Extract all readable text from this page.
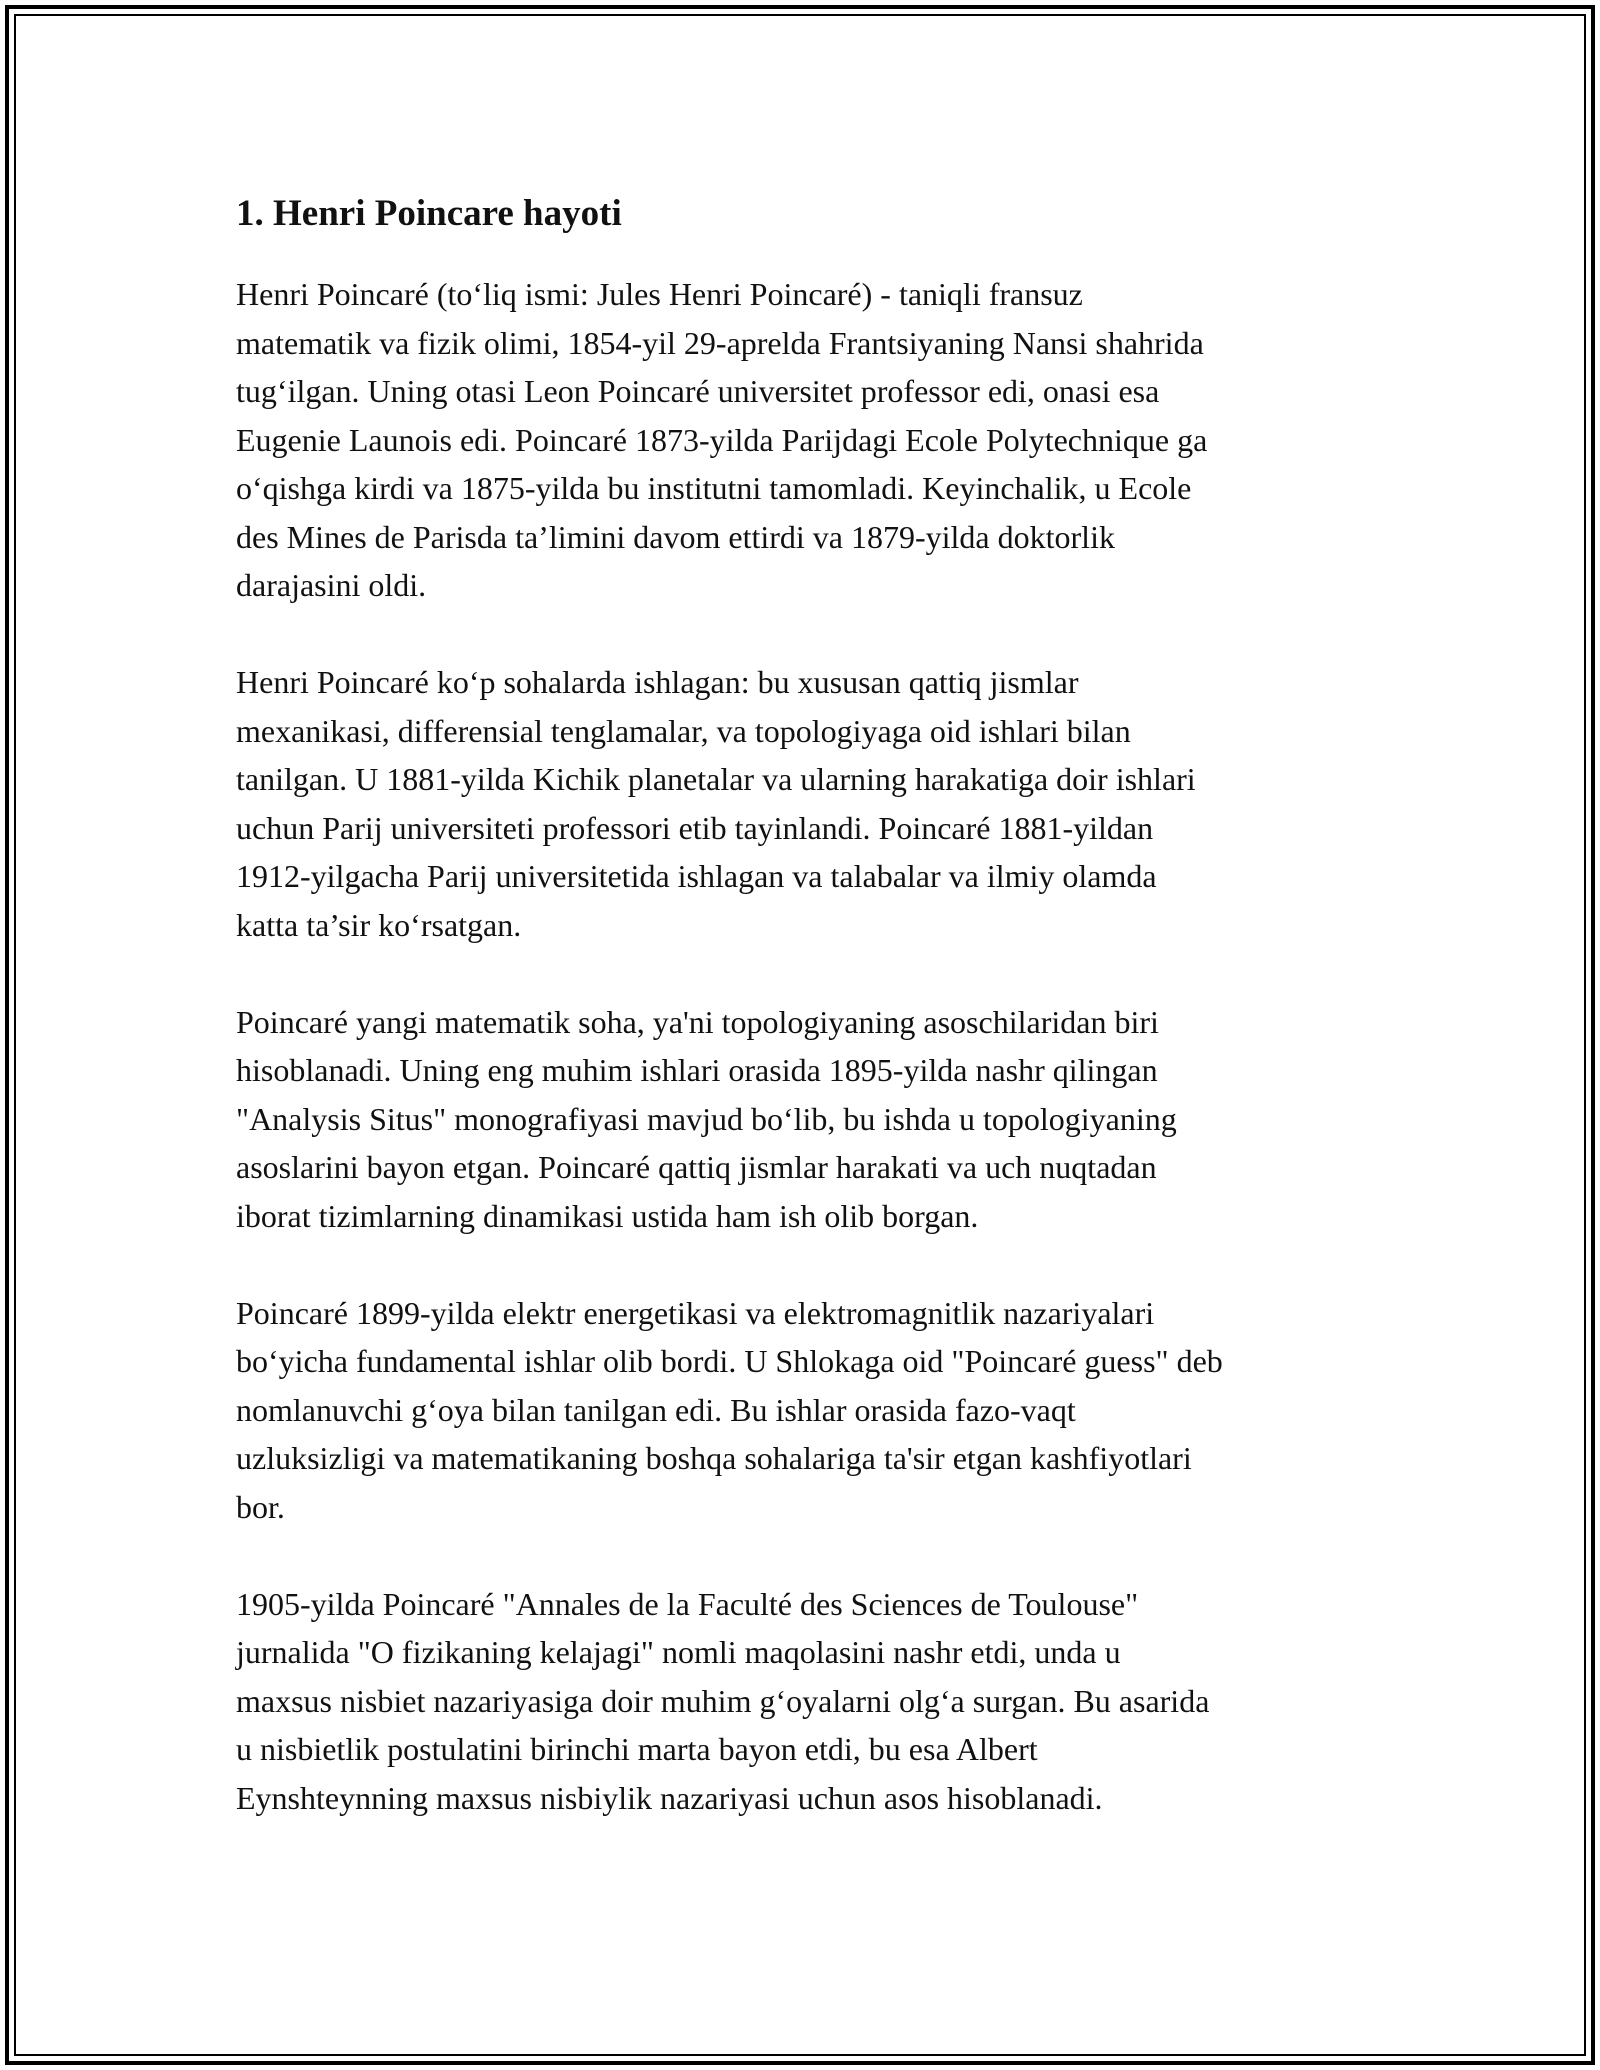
1. Henri Poincare hayoti

Henri Poincaré (to‘liq ismi: Jules Henri Poincaré) - taniqli fransuz
matematik va fizik olimi, 1854-yil 29-aprelda Frantsiyaning Nansi shahrida
tug‘ilgan. Uning otasi Leon Poincaré universitet professor edi, onasi esa
Eugenie Launois edi. Poincaré 1873-yilda Parijdagi Ecole Polytechnique ga
o‘qishga kirdi va 1875-yilda bu institutni tamomladi. Keyinchalik, u Ecole
des Mines de Parisda ta’limini davom ettirdi va 1879-yilda doktorlik
darajasini oldi.

Henri Poincaré ko‘p sohalarda ishlagan: bu xususan qattiq jismlar
mexanikasi, differensial tenglamalar, va topologiyaga oid ishlari bilan
tanilgan. U 1881-yilda Kichik planetalar va ularning harakatiga doir ishlari
uchun Parij universiteti professori etib tayinlandi. Poincaré 1881-yildan
1912-yilgacha Parij universitetida ishlagan va talabalar va ilmiy olamda
katta ta’sir ko‘rsatgan.

Poincaré yangi matematik soha, ya'ni topologiyaning asoschilaridan biri
hisoblanadi. Uning eng muhim ishlari orasida 1895-yilda nashr qilingan
"Analysis Situs" monografiyasi mavjud bo‘lib, bu ishda u topologiyaning
asoslarini bayon etgan. Poincaré qattiq jismlar harakati va uch nuqtadan
iborat tizimlarning dinamikasi ustida ham ish olib borgan.

Poincaré 1899-yilda elektr energetikasi va elektromagnitlik nazariyalari
bo‘yicha fundamental ishlar olib bordi. U Shlokaga oid "Poincaré guess" deb
nomlanuvchi g‘oya bilan tanilgan edi. Bu ishlar orasida fazo-vaqt
uzluksizligi va matematikaning boshqa sohalariga ta'sir etgan kashfiyotlari
bor.

1905-yilda Poincaré "Annales de la Faculté des Sciences de Toulouse"
jurnalida "O fizikaning kelajagi" nomli maqolasini nashr etdi, unda u
maxsus nisbiet nazariyasiga doir muhim g‘oyalarni olg‘a surgan. Bu asarida
u nisbietlik postulatini birinchi marta bayon etdi, bu esa Albert
Eynshteynning maxsus nisbiylik nazariyasi uchun asos hisoblanadi.
